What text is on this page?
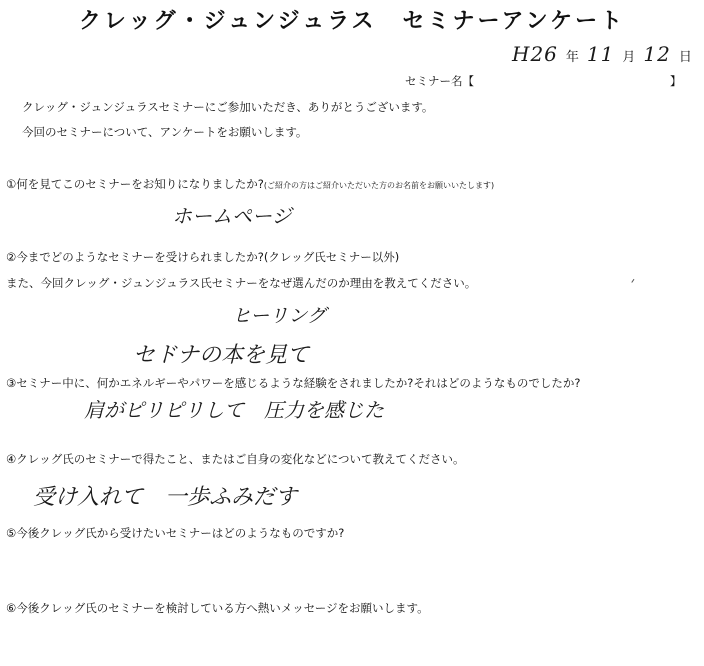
クレッグ・ジュンジュラス セミナーアンケート
H26 年 11 月 12 日
セミナー名【	】
クレッグ・ジュンジュラスセミナーにご参加いただき、ありがとうございます。
今回のセミナーについて、アンケートをお願いします。
①何を見てこのセミナーをお知りになりましたか?(ご紹介の方はご紹介いただいた方のお名前をお願いいたします)
ホームページ
②今までどのようなセミナーを受けられましたか?(クレッグ氏セミナー以外)
また、今回クレッグ・ジュンジュラス氏セミナーをなぜ選んだのか理由を教えてください。
ヒーリング
セドナの本を見て
③セミナー中に、何かエネルギーやパワーを感じるような経験をされましたか?それはどのようなものでしたか?
肩がピリピリして　圧力を感じた
④クレッグ氏のセミナーで得たこと、またはご自身の変化などについて教えてください。
受け入れて　一歩ふみだす
⑤今後クレッグ氏から受けたいセミナーはどのようなものですか?
⑥今後クレッグ氏のセミナーを検討している方へ熱いメッセージをお願いします。
